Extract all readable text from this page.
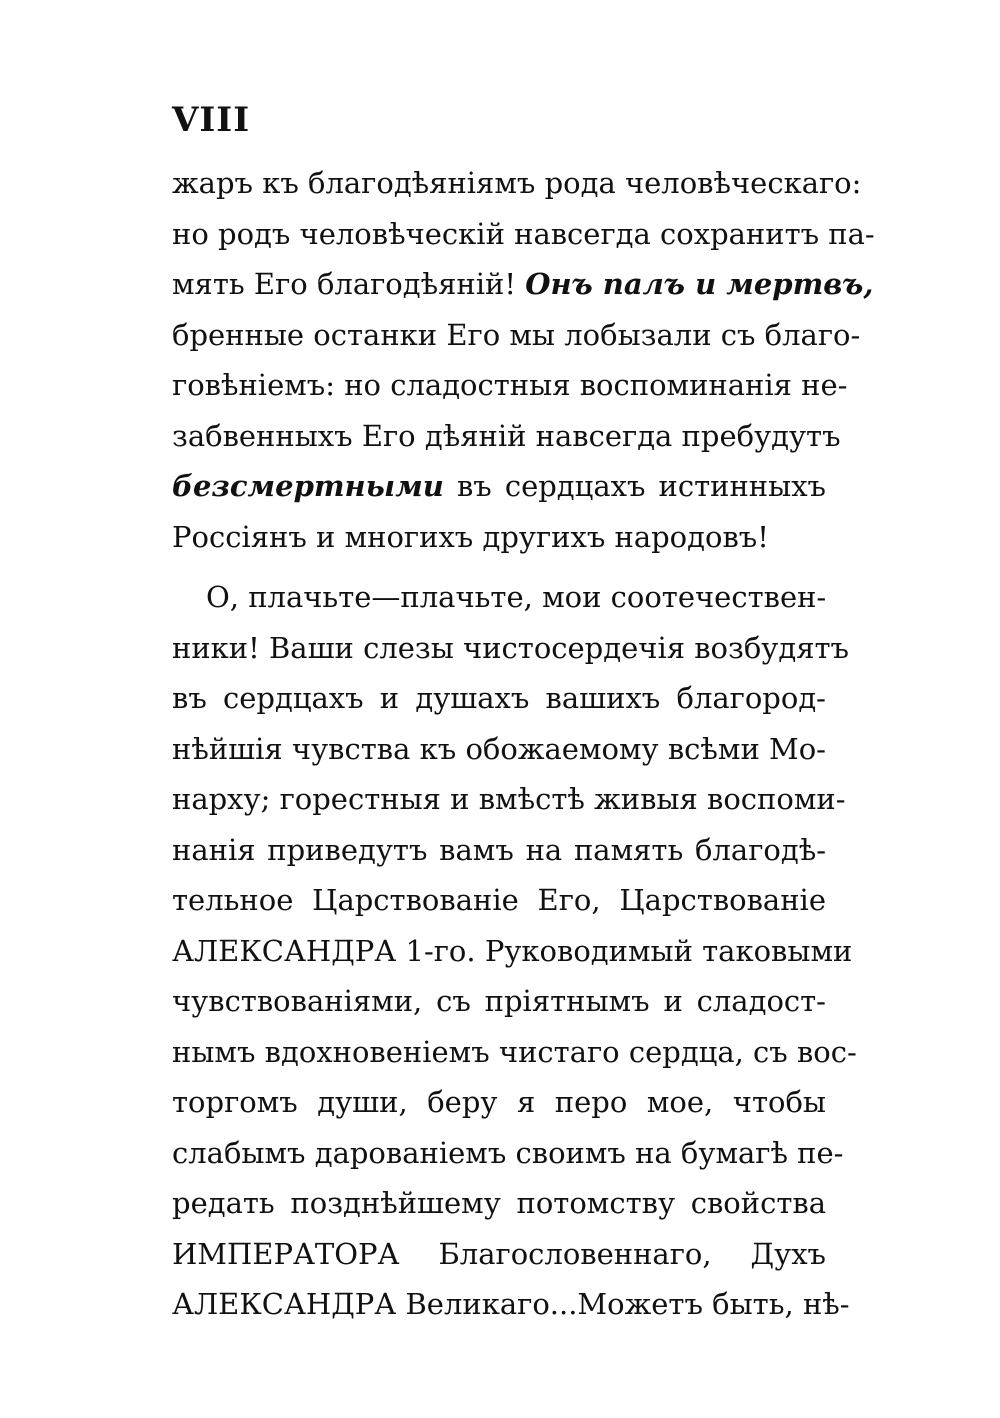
VIII
жаръ къ благодѣяніямъ рода человѣческаго:
но родъ человѣческій навсегда сохранитъ па-
мять Его благодѣяній! Онъ палъ и мертвъ,
бренные останки Его мы лобызали съ благо-
говѣніемъ: но сладостныя воспоминанія не-
забвенныхъ Его дѣяній навсегда пребудутъ
безсмертными въ сердцахъ истинныхъ
Россіянъ и многихъ другихъ народовъ!
О, плачьте—плачьте, мои соотечествен-
ники! Ваши слезы чистосердечія возбудятъ
въ сердцахъ и душахъ вашихъ благород-
нѣйшія чувства къ обожаемому всѣми Мо-
нарху; горестныя и вмѣстѣ живыя воспоми-
нанія приведутъ вамъ на память благодѣ-
тельное Царствованіе Его, Царствованіе
АЛЕКСАНДРА 1-го. Руководимый таковыми
чувствованіями, съ пріятнымъ и сладост-
нымъ вдохновеніемъ чистаго сердца, съ вос-
торгомъ души, беру я перо мое, чтобы
слабымъ дарованіемъ своимъ на бумагѣ пе-
редать позднѣйшему потомству свойства
ИМПЕРАТОРА Благословеннаго, Духъ
АЛЕКСАНДРА Великаго...Можетъ быть, нѣ-
